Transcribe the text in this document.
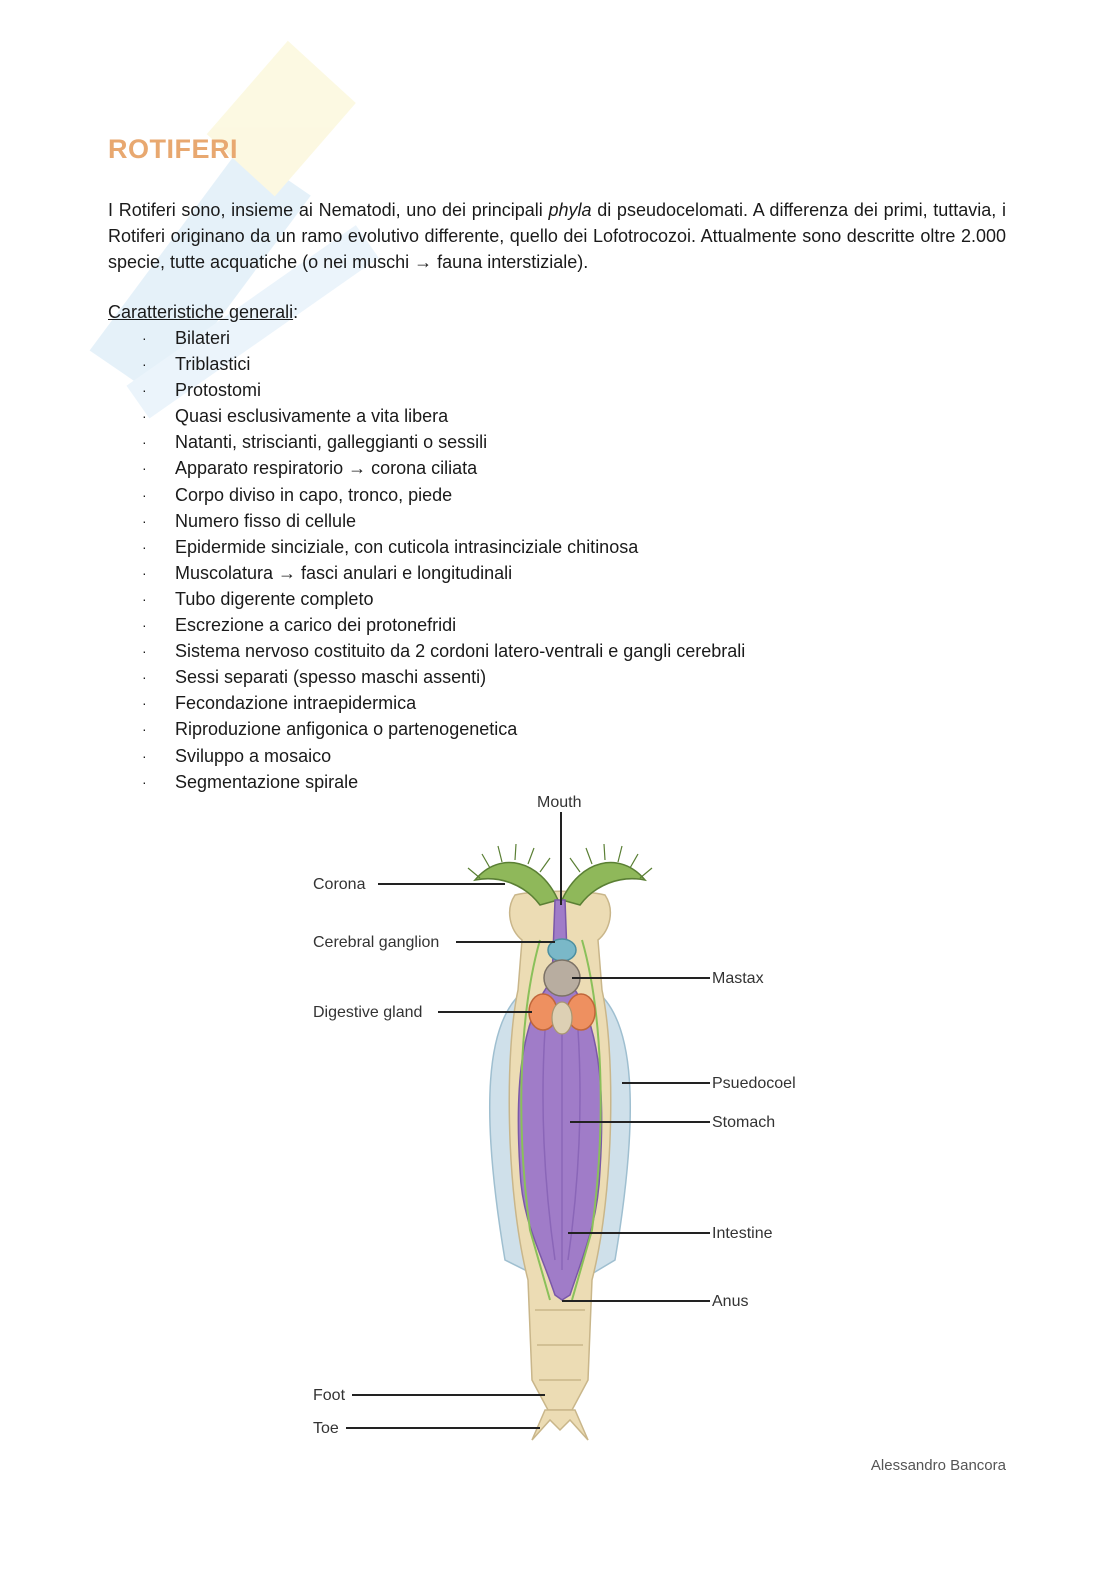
ROTIFERI

I Rotiferi sono, insieme ai Nematodi, uno dei principali phyla di pseudocelomati. A differenza dei primi, tuttavia, i Rotiferi originano da un ramo evolutivo differente, quello dei Lofotrocozoi. Attualmente sono descritte oltre 2.000 specie, tutte acquatiche (o nei muschi → fauna interstiziale).

Caratteristiche generali:

· Bilateri
· Triblastici
· Protostomi
· Quasi esclusivamente a vita libera
· Natanti, striscianti, galleggianti o sessili
· Apparato respiratorio → corona ciliata
· Corpo diviso in capo, tronco, piede
· Numero fisso di cellule
· Epidermide sinciziale, con cuticola intrasinciziale chitinosa
· Muscolatura → fasci anulari e longitudinali
· Tubo digerente completo
· Escrezione a carico dei protonefridi
· Sistema nervoso costituito da 2 cordoni latero-ventrali e gangli cerebrali
· Sessi separati (spesso maschi assenti)
· Fecondazione intraepidermica
· Riproduzione anfigonica o partenogenetica
· Sviluppo a mosaico
· Segmentazione spirale
Mouth
Corona
Cerebral ganglion
Mastax
Digestive gland
Psuedocoel
Stomach
Intestine
Anus
Foot
Toe

Alessandro Bancora
